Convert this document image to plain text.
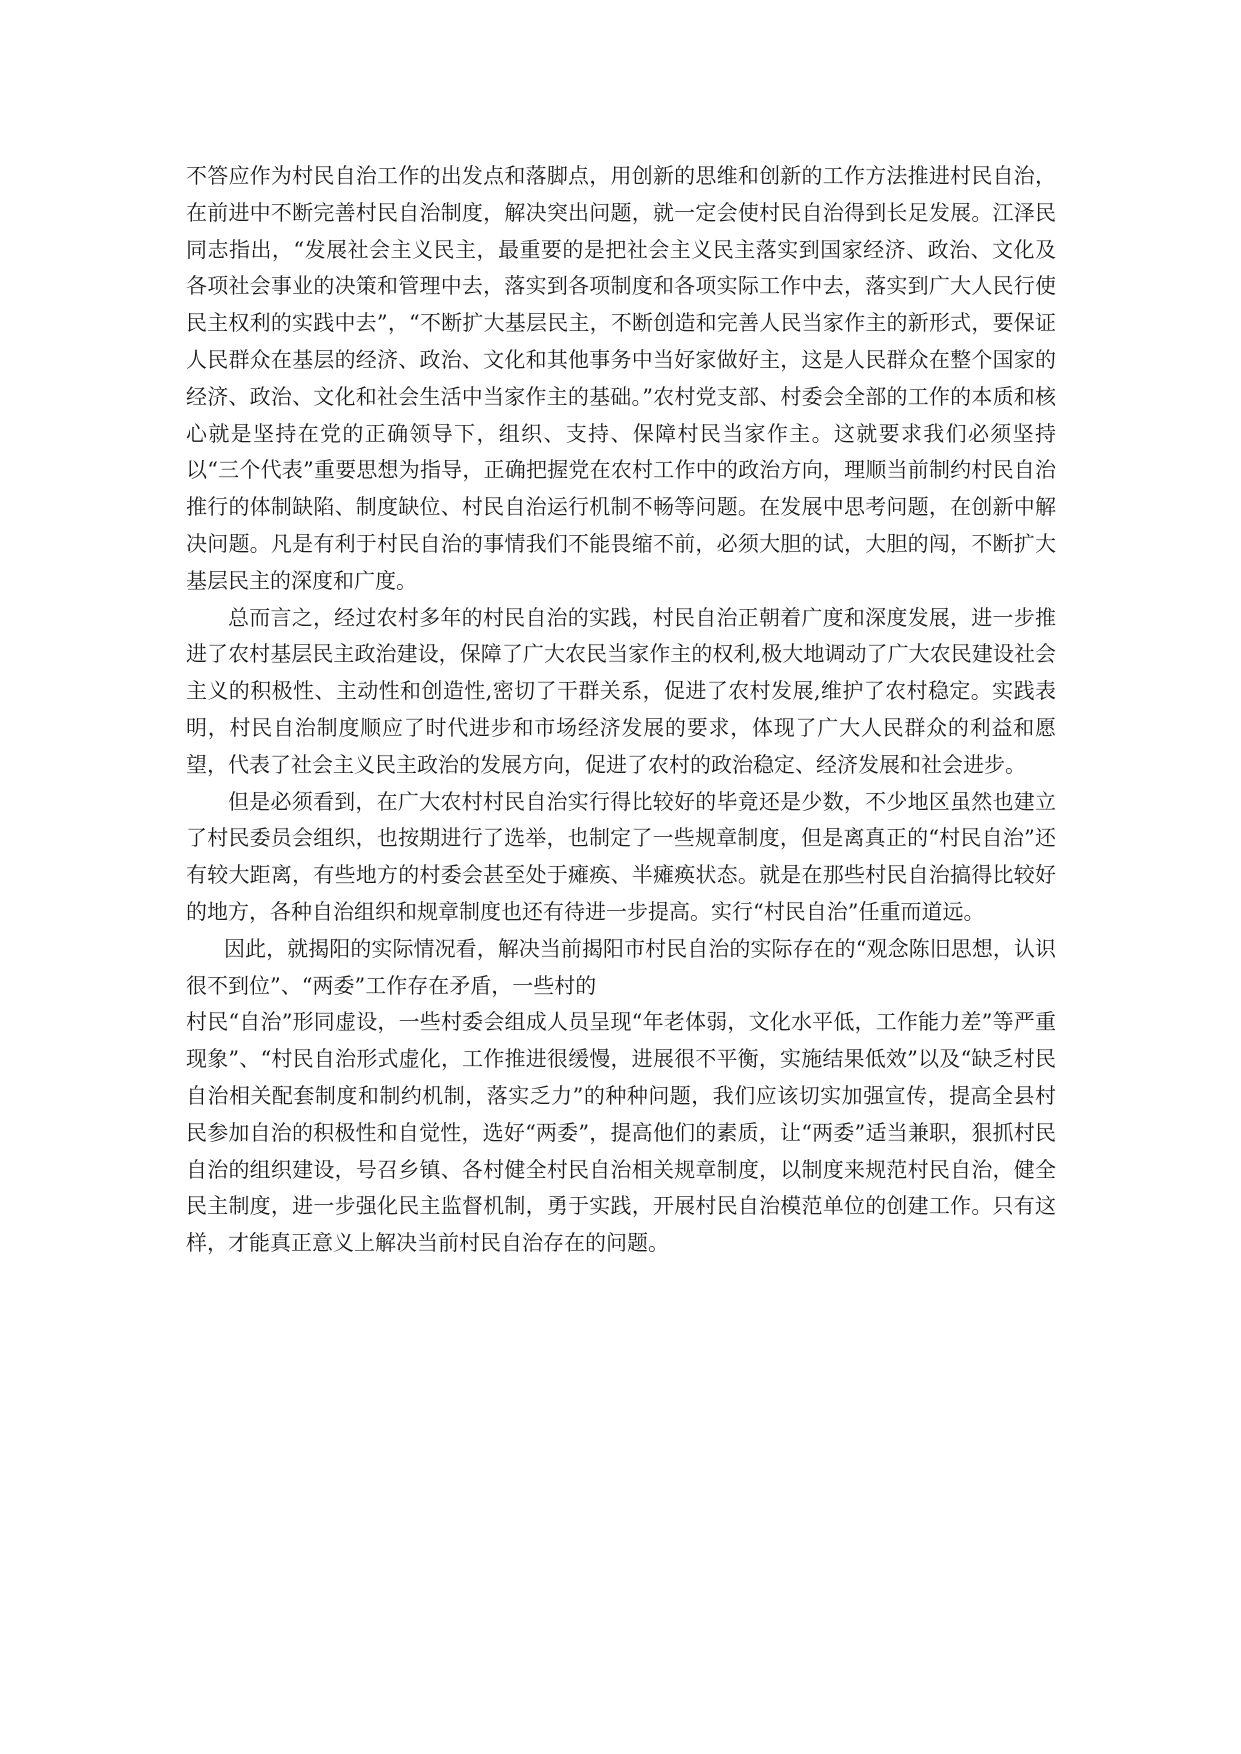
不答应作为村民自治工作的出发点和落脚点，用创新的思维和创新的工作方法推进村民自治，在前进中不断完善村民自治制度，解决突出问题，就一定会使村民自治得到长足发展。江泽民同志指出，“发展社会主义民主，最重要的是把社会主义民主落实到国家经济、政治、文化及各项社会事业的决策和管理中去，落实到各项制度和各项实际工作中去，落实到广大人民行使民主权利的实践中去”，“不断扩大基层民主，不断创造和完善人民当家作主的新形式，要保证人民群众在基层的经济、政治、文化和其他事务中当好家做好主，这是人民群众在整个国家的经济、政治、文化和社会生活中当家作主的基础。”农村党支部、村委会全部的工作的本质和核心就是坚持在党的正确领导下，组织、支持、保障村民当家作主。这就要求我们必须坚持以“三个代表”重要思想为指导，正确把握党在农村工作中的政治方向，理顺当前制约村民自治推行的体制缺陷、制度缺位、村民自治运行机制不畅等问题。在发展中思考问题，在创新中解决问题。凡是有利于村民自治的事情我们不能畏缩不前，必须大胆的试，大胆的闯，不断扩大基层民主的深度和广度。

总而言之，经过农村多年的村民自治的实践，村民自治正朝着广度和深度发展，进一步推进了农村基层民主政治建设，保障了广大农民当家作主的权利,极大地调动了广大农民建设社会主义的积极性、主动性和创造性,密切了干群关系，促进了农村发展,维护了农村稳定。实践表明，村民自治制度顺应了时代进步和市场经济发展的要求，体现了广大人民群众的利益和愿望，代表了社会主义民主政治的发展方向，促进了农村的政治稳定、经济发展和社会进步。

但是必须看到，在广大农村村民自治实行得比较好的毕竟还是少数，不少地区虽然也建立了村民委员会组织，也按期进行了选举，也制定了一些规章制度，但是离真正的“村民自治”还有较大距离，有些地方的村委会甚至处于瘫痪、半瘫痪状态。就是在那些村民自治搞得比较好的地方，各种自治组织和规章制度也还有待进一步提高。实行“村民自治”任重而道远。

因此，就揭阳的实际情况看，解决当前揭阳市村民自治的实际存在的“观念陈旧思想，认识很不到位”、“两委”工作存在矛盾，一些村的

村民“自治”形同虚设，一些村委会组成人员呈现“年老体弱，文化水平低，工作能力差”等严重现象”、“村民自治形式虚化，工作推进很缓慢，进展很不平衡，实施结果低效”以及“缺乏村民自治相关配套制度和制约机制，落实乏力”的种种问题，我们应该切实加强宣传，提高全县村民参加自治的积极性和自觉性，选好“两委”，提高他们的素质，让“两委”适当兼职，狠抓村民自治的组织建设，号召乡镇、各村健全村民自治相关规章制度，以制度来规范村民自治，健全民主制度，进一步强化民主监督机制，勇于实践，开展村民自治模范单位的创建工作。只有这样，才能真正意义上解决当前村民自治存在的问题。
